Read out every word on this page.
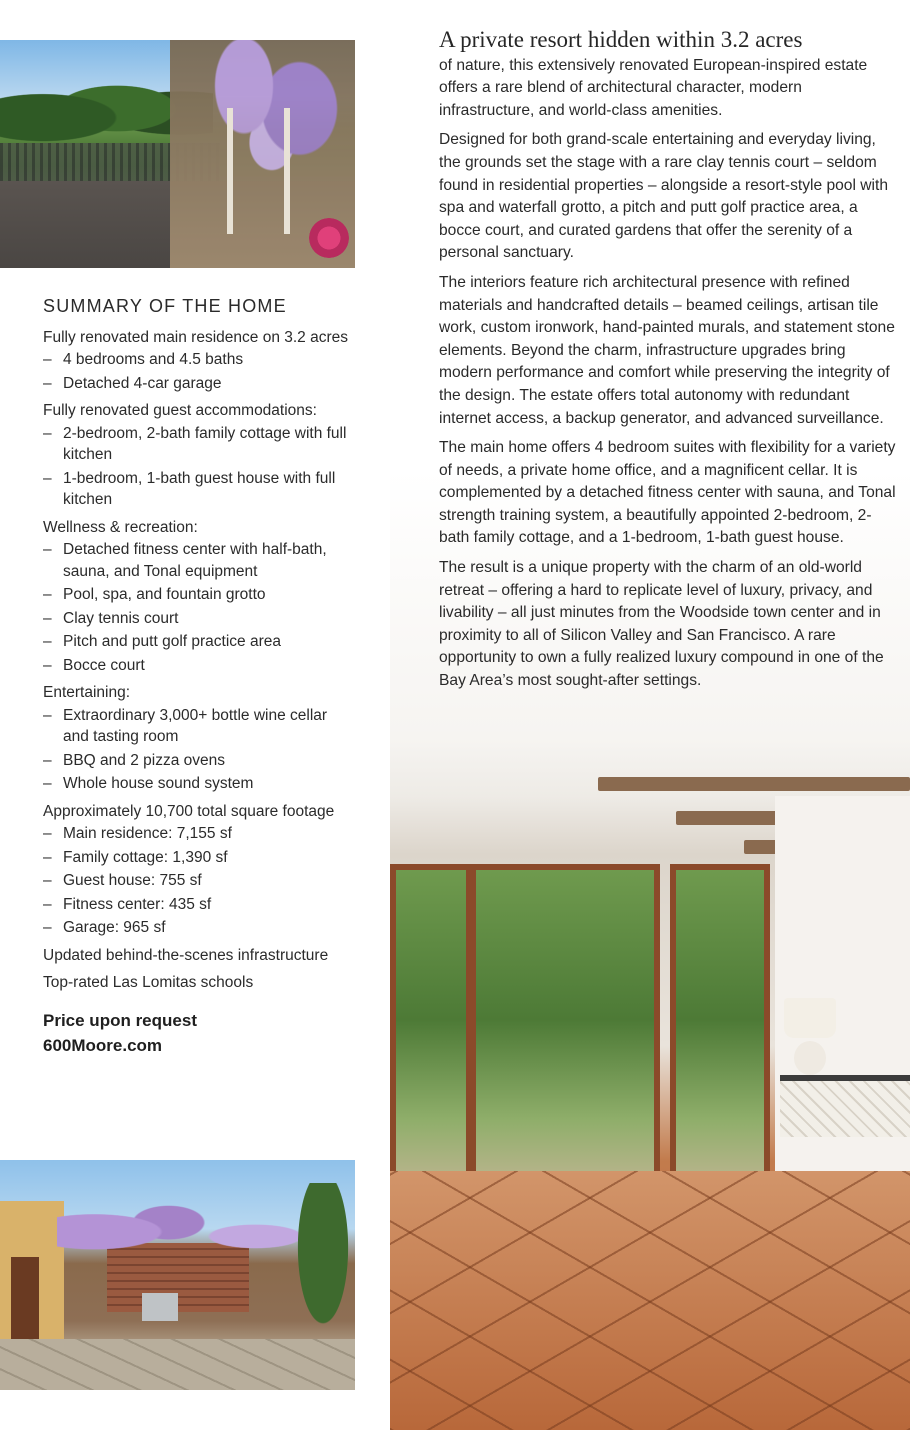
SUMMARY OF THE HOME

Fully renovated main residence on 3.2 acres

– 4 bedrooms and 4.5 baths
– Detached 4-car garage

Fully renovated guest accommodations:

– 2-bedroom, 2-bath family cottage with full kitchen
– 1-bedroom, 1-bath guest house with full kitchen

Wellness & recreation:

– Detached fitness center with half-bath, sauna, and Tonal equipment
– Pool, spa, and fountain grotto
– Clay tennis court
– Pitch and putt golf practice area
– Bocce court

Entertaining:

– Extraordinary 3,000+ bottle wine cellar and tasting room
– BBQ and 2 pizza ovens
– Whole house sound system

Approximately 10,700 total square footage

– Main residence: 7,155 sf
– Family cottage: 1,390 sf
– Guest house: 755 sf
– Fitness center: 435 sf
– Garage: 965 sf

Updated behind-the-scenes infrastructure

Top-rated Las Lomitas schools

Price upon request
600Moore.com

A private resort hidden within 3.2 acres
of nature, this extensively renovated European-inspired estate offers a rare blend of architectural character, modern infrastructure, and world-class amenities.

Designed for both grand-scale entertaining and everyday living, the grounds set the stage with a rare clay tennis court – seldom found in residential properties – alongside a resort-style pool with spa and waterfall grotto, a pitch and putt golf practice area, a bocce court, and curated gardens that offer the serenity of a personal sanctuary.

The interiors feature rich architectural presence with refined materials and handcrafted details – beamed ceilings, artisan tile work, custom ironwork, hand-painted murals, and statement stone elements. Beyond the charm, infrastructure upgrades bring modern performance and comfort while preserving the integrity of the design. The estate offers total autonomy with redundant internet access, a backup generator, and advanced surveillance.

The main home offers 4 bedroom suites with flexibility for a variety of needs, a private home office, and a magnificent cellar. It is complemented by a detached fitness center with sauna, and Tonal strength training system, a beautifully appointed 2-bedroom, 2-bath family cottage, and a 1-bedroom, 1-bath guest house.

The result is a unique property with the charm of an old-world retreat – offering a hard to replicate level of luxury, privacy, and livability – all just minutes from the Woodside town center and in proximity to all of Silicon Valley and San Francisco. A rare opportunity to own a fully realized luxury compound in one of the Bay Area’s most sought-after settings.
